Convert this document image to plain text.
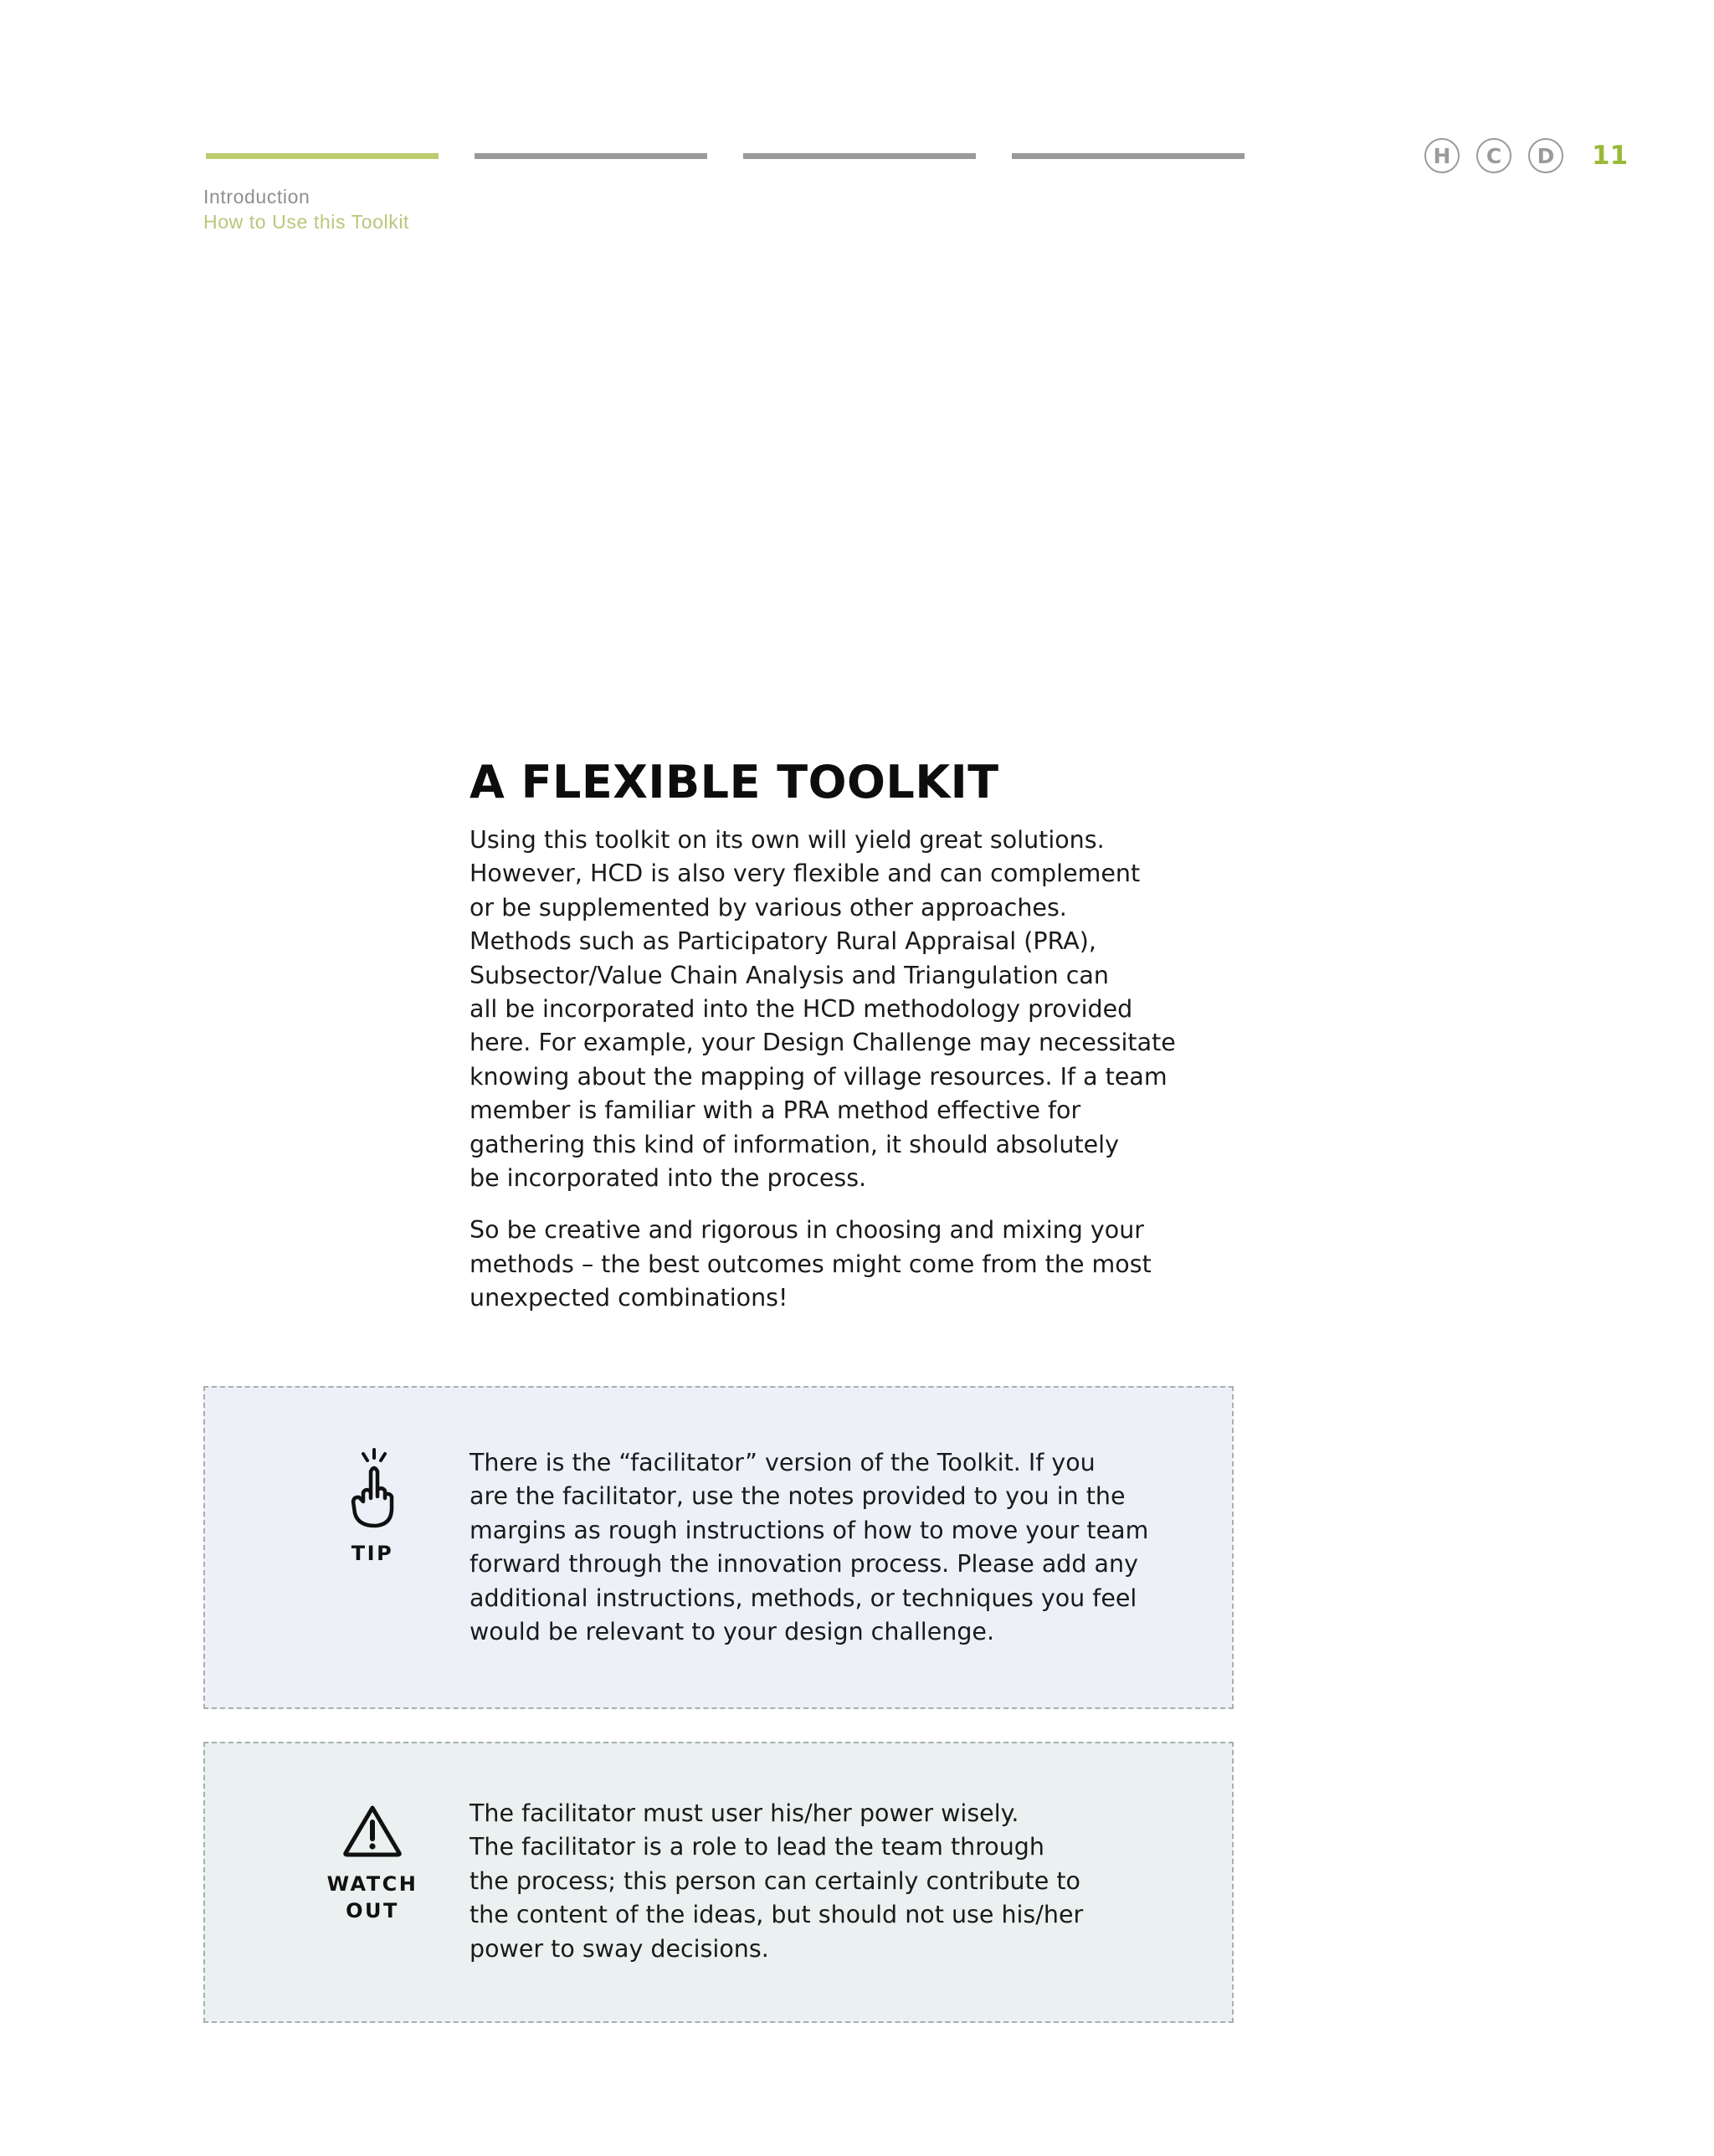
Introduction
How to Use this Toolkit
H	C	D	11
A FLEXIBLE TOOLKIT

Using this toolkit on its own will yield great solutions.
However, HCD is also very flexible and can complement
or be supplemented by various other approaches.
Methods such as Participatory Rural Appraisal (PRA),
Subsector/Value Chain Analysis and Triangulation can
all be incorporated into the HCD methodology provided
here. For example, your Design Challenge may necessitate
knowing about the mapping of village resources. If a team
member is familiar with a PRA method effective for
gathering this kind of information, it should absolutely
be incorporated into the process.

So be creative and rigorous in choosing and mixing your
methods – the best outcomes might come from the most
unexpected combinations!

TIP

There is the “facilitator” version of the Toolkit. If you
are the facilitator, use the notes provided to you in the
margins as rough instructions of how to move your team
forward through the innovation process. Please add any
additional instructions, methods, or techniques you feel
would be relevant to your design challenge.

WATCH
OUT

The facilitator must user his/her power wisely.
The facilitator is a role to lead the team through
the process; this person can certainly contribute to
the content of the ideas, but should not use his/her
power to sway decisions.
